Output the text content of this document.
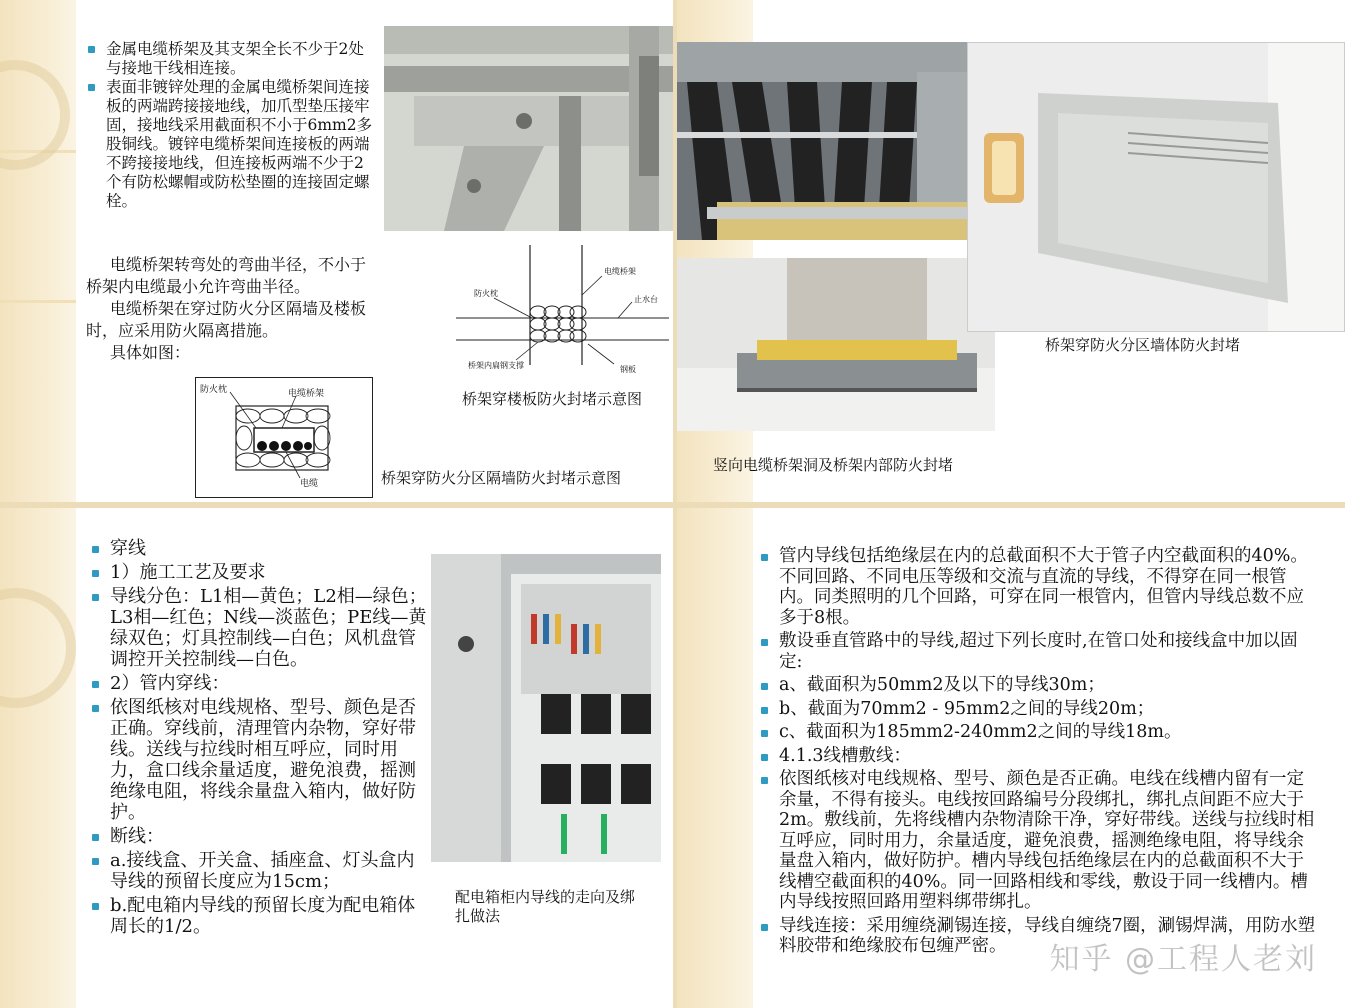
金属电缆桥架及其支架全长不少于2处与接地干线相连接。
表面非镀锌处理的金属电缆桥架间连接板的两端跨接接地线，加爪型垫压接牢固，接地线采用截面积不小于6mm2多股铜线。镀锌电缆桥架间连接板的两端不跨接接地线，但连接板两端不少于2个有防松螺帽或防松垫圈的连接固定螺栓。

电缆桥架转弯处的弯曲半径，不小于桥架内电缆最小允许弯曲半径。

电缆桥架在穿过防火分区隔墙及楼板时，应采用防火隔离措施。

具体如图：

防火枕
电缆桥架
止水台
桥架内扁钢支撑	钢板
桥架穿楼板防火封堵示意图
防火枕	电缆桥架
电缆	桥架穿防火分区隔墙防火封堵示意图
竖向电缆桥架洞及桥架内部防火封堵
桥架穿防火分区墙体防火封堵
穿线
1）施工工艺及要求
导线分色：L1相—黄色；L2相—绿色；L3相—红色；N线—淡蓝色；PE线—黄绿双色；灯具控制线—白色；风机盘管调控开关控制线—白色。
2）管内穿线：
依图纸核对电线规格、型号、颜色是否正确。穿线前，清理管内杂物，穿好带线。送线与拉线时相互呼应，同时用力，盒口线余量适度，避免浪费，摇测绝缘电阻，将线余量盘入箱内，做好防护。
断线：
a.接线盒、开关盒、插座盒、灯头盒内导线的预留长度应为15cm；
b.配电箱内导线的预留长度为配电箱体周长的1/2。
配电箱柜内导线的走向及绑扎做法
管内导线包括绝缘层在内的总截面积不大于管子内空截面积的40%。不同回路、不同电压等级和交流与直流的导线，不得穿在同一根管内。同类照明的几个回路，可穿在同一根管内，但管内导线总数不应多于8根。
敷设垂直管路中的导线,超过下列长度时,在管口处和接线盒中加以固定:
a、截面积为50mm2及以下的导线30m；
b、截面为70mm2 - 95mm2之间的导线20m；
c、截面积为185mm2-240mm2之间的导线18m。
4.1.3线槽敷线：
依图纸核对电线规格、型号、颜色是否正确。电线在线槽内留有一定余量，不得有接头。电线按回路编号分段绑扎，绑扎点间距不应大于2m。敷线前，先将线槽内杂物清除干净，穿好带线。送线与拉线时相互呼应，同时用力，余量适度，避免浪费，摇测绝缘电阻，将导线余量盘入箱内，做好防护。槽内导线包括绝缘层在内的总截面积不大于线槽空截面积的40%。同一回路相线和零线，敷设于同一线槽内。槽内导线按照回路用塑料绑带绑扎。
导线连接：采用缠绕涮锡连接，导线自缠绕7圈，涮锡焊满，用防水塑料胶带和绝缘胶布包缠严密。	知乎 @工程人老刘
